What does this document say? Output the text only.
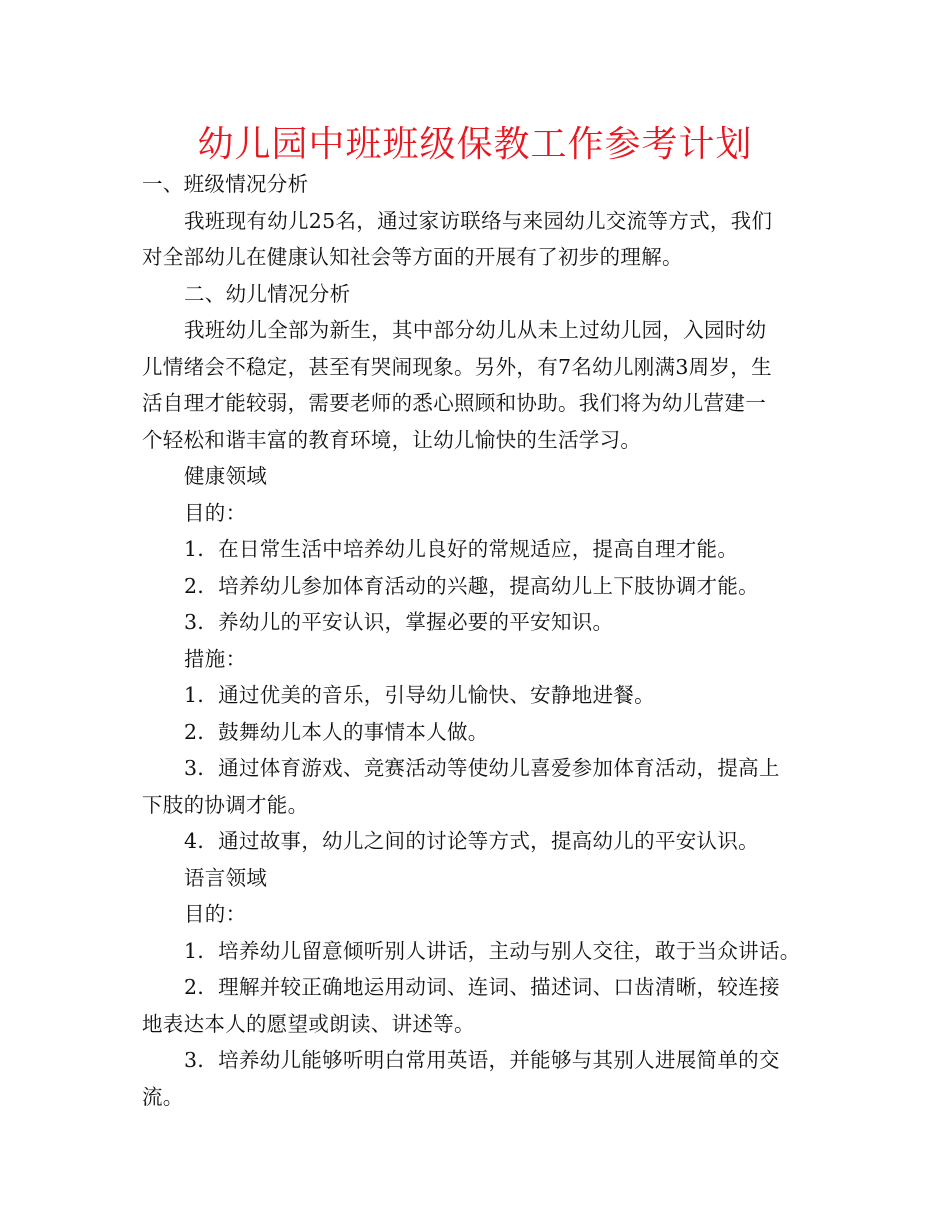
幼儿园中班班级保教工作参考计划
一、班级情况分析
我班现有幼儿25名，通过家访联络与来园幼儿交流等方式，我们
对全部幼儿在健康认知社会等方面的开展有了初步的理解。
二、幼儿情况分析
我班幼儿全部为新生，其中部分幼儿从未上过幼儿园，入园时幼
儿情绪会不稳定，甚至有哭闹现象。另外，有7名幼儿刚满3周岁，生
活自理才能较弱，需要老师的悉心照顾和协助。我们将为幼儿营建一
个轻松和谐丰富的教育环境，让幼儿愉快的生活学习。
健康领域
目的：
1．在日常生活中培养幼儿良好的常规适应，提高自理才能。
2．培养幼儿参加体育活动的兴趣，提高幼儿上下肢协调才能。
3．养幼儿的平安认识，掌握必要的平安知识。
措施：
1．通过优美的音乐，引导幼儿愉快、安静地进餐。
2．鼓舞幼儿本人的事情本人做。
3．通过体育游戏、竞赛活动等使幼儿喜爱参加体育活动，提高上
下肢的协调才能。
4．通过故事，幼儿之间的讨论等方式，提高幼儿的平安认识。
语言领域
目的：
1．培养幼儿留意倾听别人讲话，主动与别人交往，敢于当众讲话。
2．理解并较正确地运用动词、连词、描述词、口齿清晰，较连接
地表达本人的愿望或朗读、讲述等。
3．培养幼儿能够听明白常用英语，并能够与其别人进展简单的交
流。
